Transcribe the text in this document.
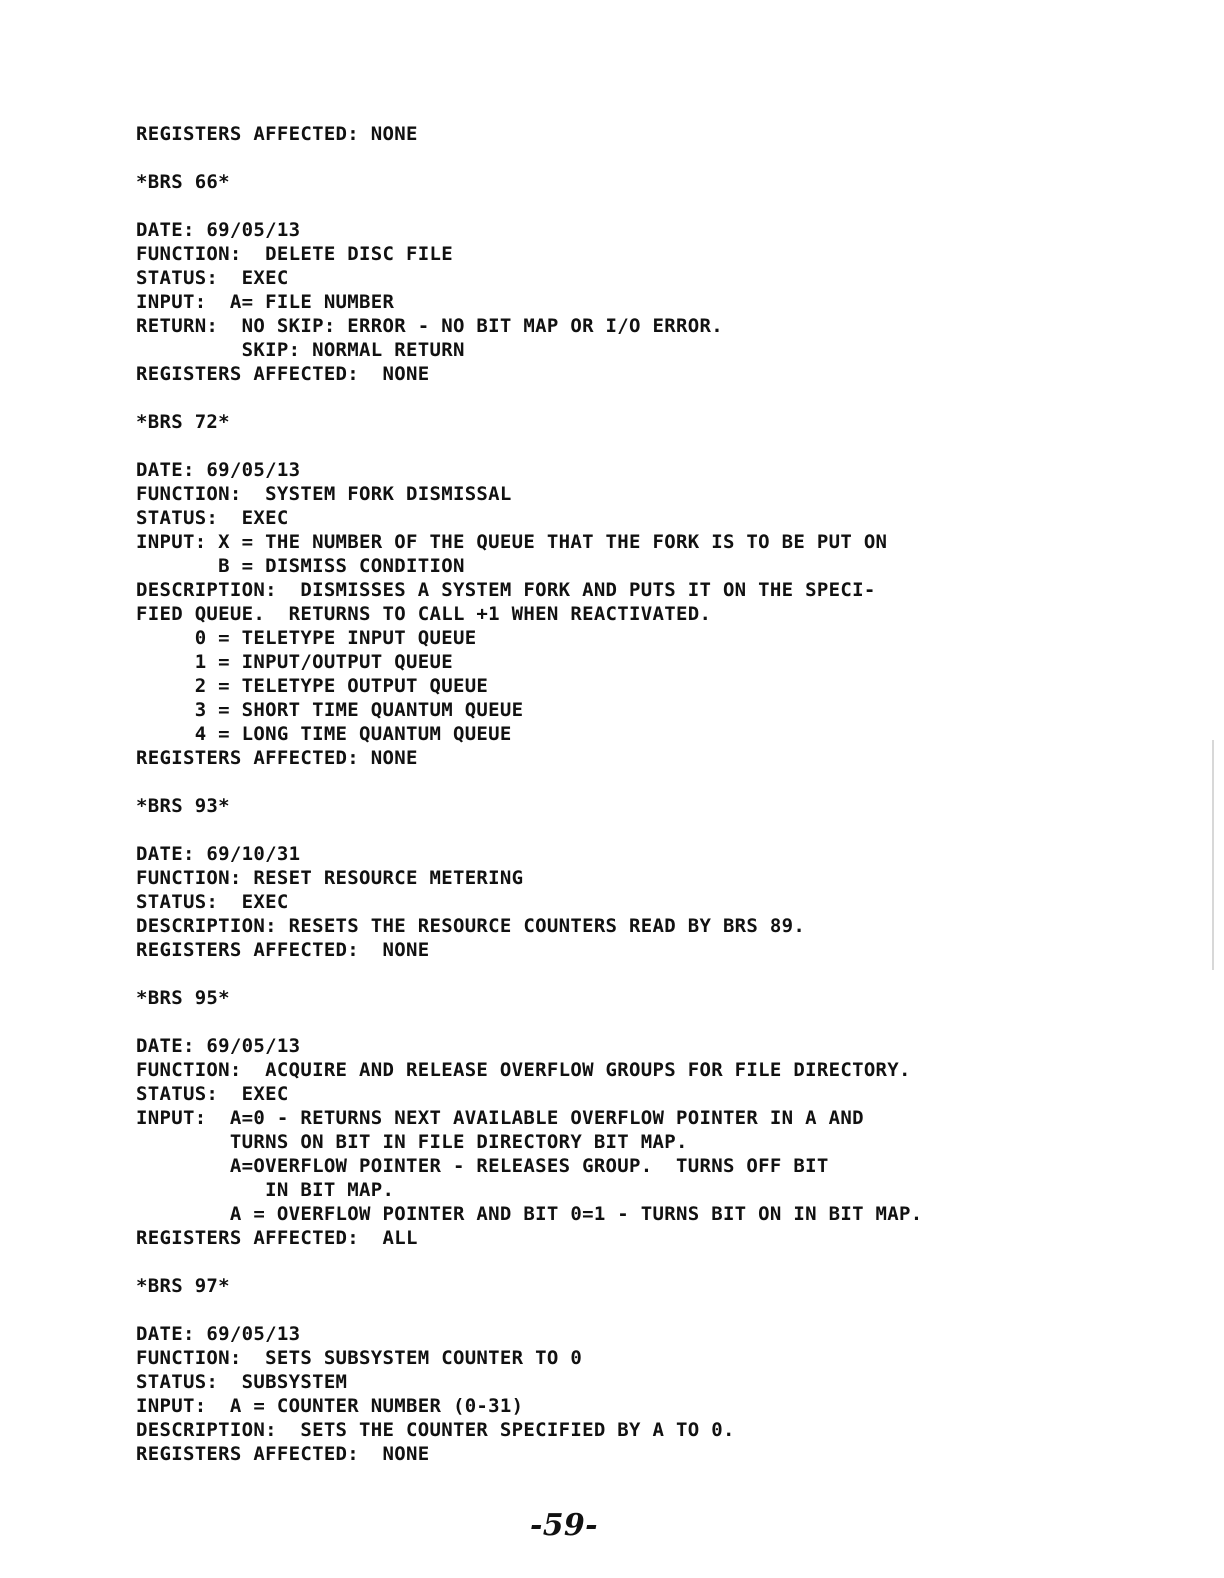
REGISTERS AFFECTED: NONE
*BRS 66*
DATE: 69/05/13
FUNCTION:  DELETE DISC FILE
STATUS:  EXEC
INPUT:  A= FILE NUMBER
RETURN:  NO SKIP: ERROR - NO BIT MAP OR I/O ERROR.
SKIP: NORMAL RETURN
REGISTERS AFFECTED:  NONE
*BRS 72*
DATE: 69/05/13
FUNCTION:  SYSTEM FORK DISMISSAL
STATUS:  EXEC
INPUT: X = THE NUMBER OF THE QUEUE THAT THE FORK IS TO BE PUT ON
B = DISMISS CONDITION
DESCRIPTION:  DISMISSES A SYSTEM FORK AND PUTS IT ON THE SPECI-
FIED QUEUE.  RETURNS TO CALL +1 WHEN REACTIVATED.
0 = TELETYPE INPUT QUEUE
1 = INPUT/OUTPUT QUEUE
2 = TELETYPE OUTPUT QUEUE
3 = SHORT TIME QUANTUM QUEUE
4 = LONG TIME QUANTUM QUEUE
REGISTERS AFFECTED: NONE
*BRS 93*
DATE: 69/10/31
FUNCTION: RESET RESOURCE METERING
STATUS:  EXEC
DESCRIPTION: RESETS THE RESOURCE COUNTERS READ BY BRS 89.
REGISTERS AFFECTED:  NONE
*BRS 95*
DATE: 69/05/13
FUNCTION:  ACQUIRE AND RELEASE OVERFLOW GROUPS FOR FILE DIRECTORY.
STATUS:  EXEC
INPUT:  A=0 - RETURNS NEXT AVAILABLE OVERFLOW POINTER IN A AND
TURNS ON BIT IN FILE DIRECTORY BIT MAP.
A=OVERFLOW POINTER - RELEASES GROUP.  TURNS OFF BIT
IN BIT MAP.
A = OVERFLOW POINTER AND BIT 0=1 - TURNS BIT ON IN BIT MAP.
REGISTERS AFFECTED:  ALL
*BRS 97*
DATE: 69/05/13
FUNCTION:  SETS SUBSYSTEM COUNTER TO 0
STATUS:  SUBSYSTEM
INPUT:  A = COUNTER NUMBER (0-31)
DESCRIPTION:  SETS THE COUNTER SPECIFIED BY A TO 0.
REGISTERS AFFECTED:  NONE
-59-
